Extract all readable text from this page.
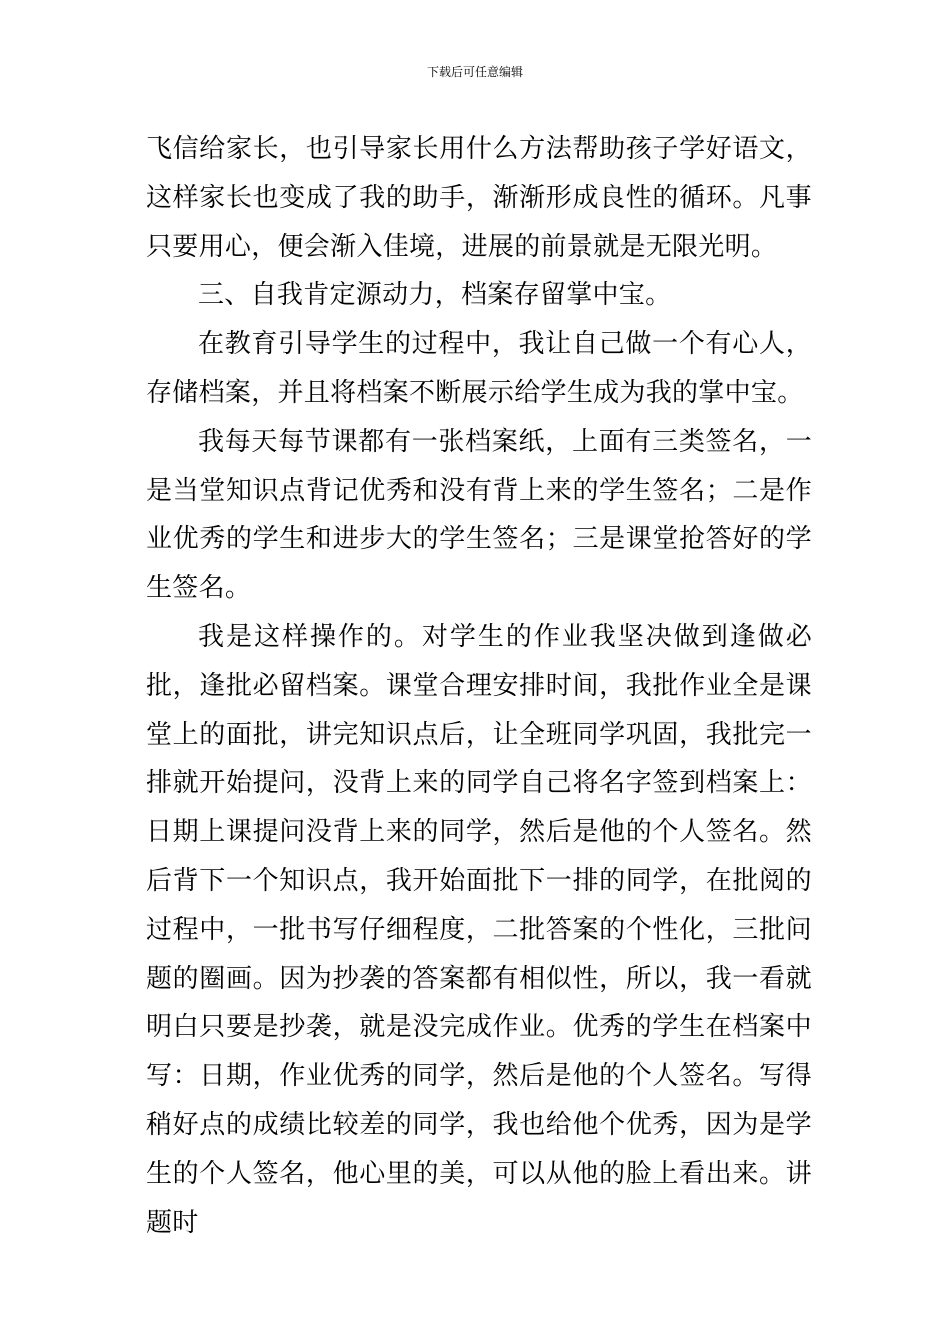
下载后可任意编辑

飞信给家长，也引导家长用什么方法帮助孩子学好语文，这样家长也变成了我的助手，渐渐形成良性的循环。凡事只要用心，便会渐入佳境，进展的前景就是无限光明。

三、自我肯定源动力，档案存留掌中宝。

在教育引导学生的过程中，我让自己做一个有心人，存储档案，并且将档案不断展示给学生成为我的掌中宝。

我每天每节课都有一张档案纸，上面有三类签名，一是当堂知识点背记优秀和没有背上来的学生签名；二是作业优秀的学生和进步大的学生签名；三是课堂抢答好的学生签名。

我是这样操作的。对学生的作业我坚决做到逢做必批，逢批必留档案。课堂合理安排时间，我批作业全是课堂上的面批，讲完知识点后，让全班同学巩固，我批完一排就开始提问，没背上来的同学自己将名字签到档案上：日期上课提问没背上来的同学，然后是他的个人签名。然后背下一个知识点，我开始面批下一排的同学，在批阅的过程中，一批书写仔细程度，二批答案的个性化，三批问题的圈画。因为抄袭的答案都有相似性，所以，我一看就明白只要是抄袭，就是没完成作业。优秀的学生在档案中写：日期，作业优秀的同学，然后是他的个人签名。写得稍好点的成绩比较差的同学，我也给他个优秀，因为是学生的个人签名，他心里的美，可以从他的脸上看出来。讲题时
